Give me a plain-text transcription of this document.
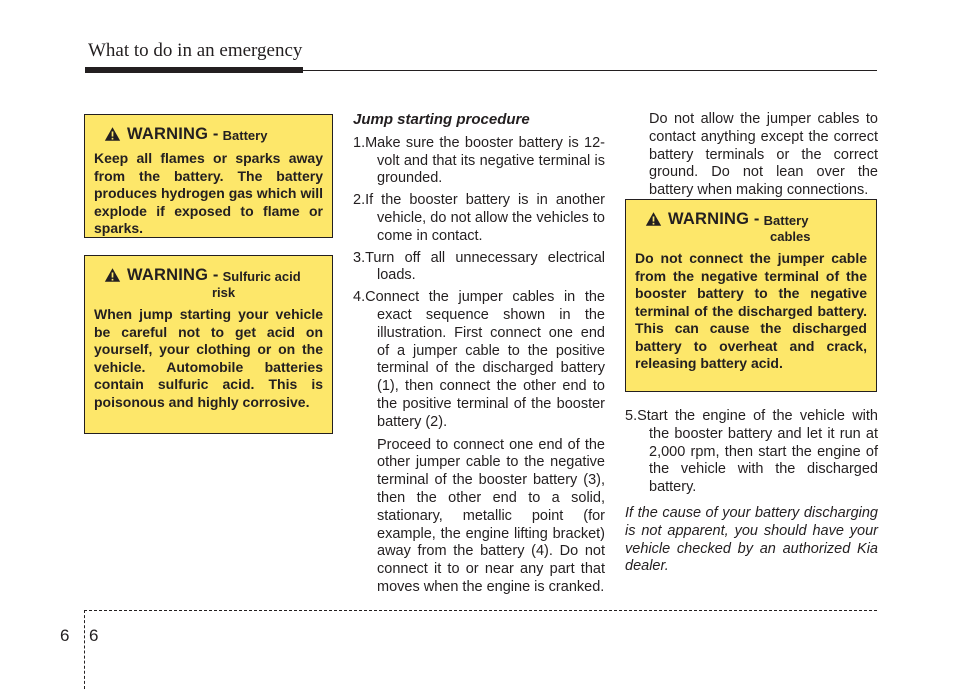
What to do in an emergency
WARNING - Battery
Keep all flames or sparks away from the battery. The battery produces hydrogen gas which will explode if exposed to flame or sparks.
WARNING - Sulfuric acid
risk
When jump starting your vehicle be careful not to get acid on yourself, your clothing or on the vehicle. Automobile batteries contain sulfuric acid. This is poisonous and highly corrosive.
Jump starting procedure
1.Make sure the booster battery is 12-volt and that its negative terminal is grounded.
2.If the booster battery is in another vehicle, do not allow the vehicles to come in contact.
3.Turn off all unnecessary electrical loads.
4.Connect the jumper cables in the exact sequence shown in the illustration. First connect one end of a jumper cable to the positive terminal of the discharged battery (1), then connect the other end to the positive terminal of the booster battery (2).
Proceed to connect one end of the other jumper cable to the negative terminal of the booster battery (3), then the other end to a solid, stationary, metallic point (for example, the engine lifting bracket) away from the battery (4). Do not connect it to or near any part that moves when the engine is cranked.
Do not allow the jumper cables to contact anything except the correct battery terminals or the correct ground. Do not lean over the battery when making connections.
WARNING - Battery
cables
Do not connect the jumper cable from the negative terminal of the booster battery to the negative terminal of the discharged battery. This can cause the discharged battery to overheat and crack, releasing battery acid.
5.Start the engine of the vehicle with the booster battery and let it run at 2,000 rpm, then start the engine of the vehicle with the discharged battery.
If the cause of your battery discharging is not apparent, you should have your vehicle checked by an authorized Kia dealer.
6 6
